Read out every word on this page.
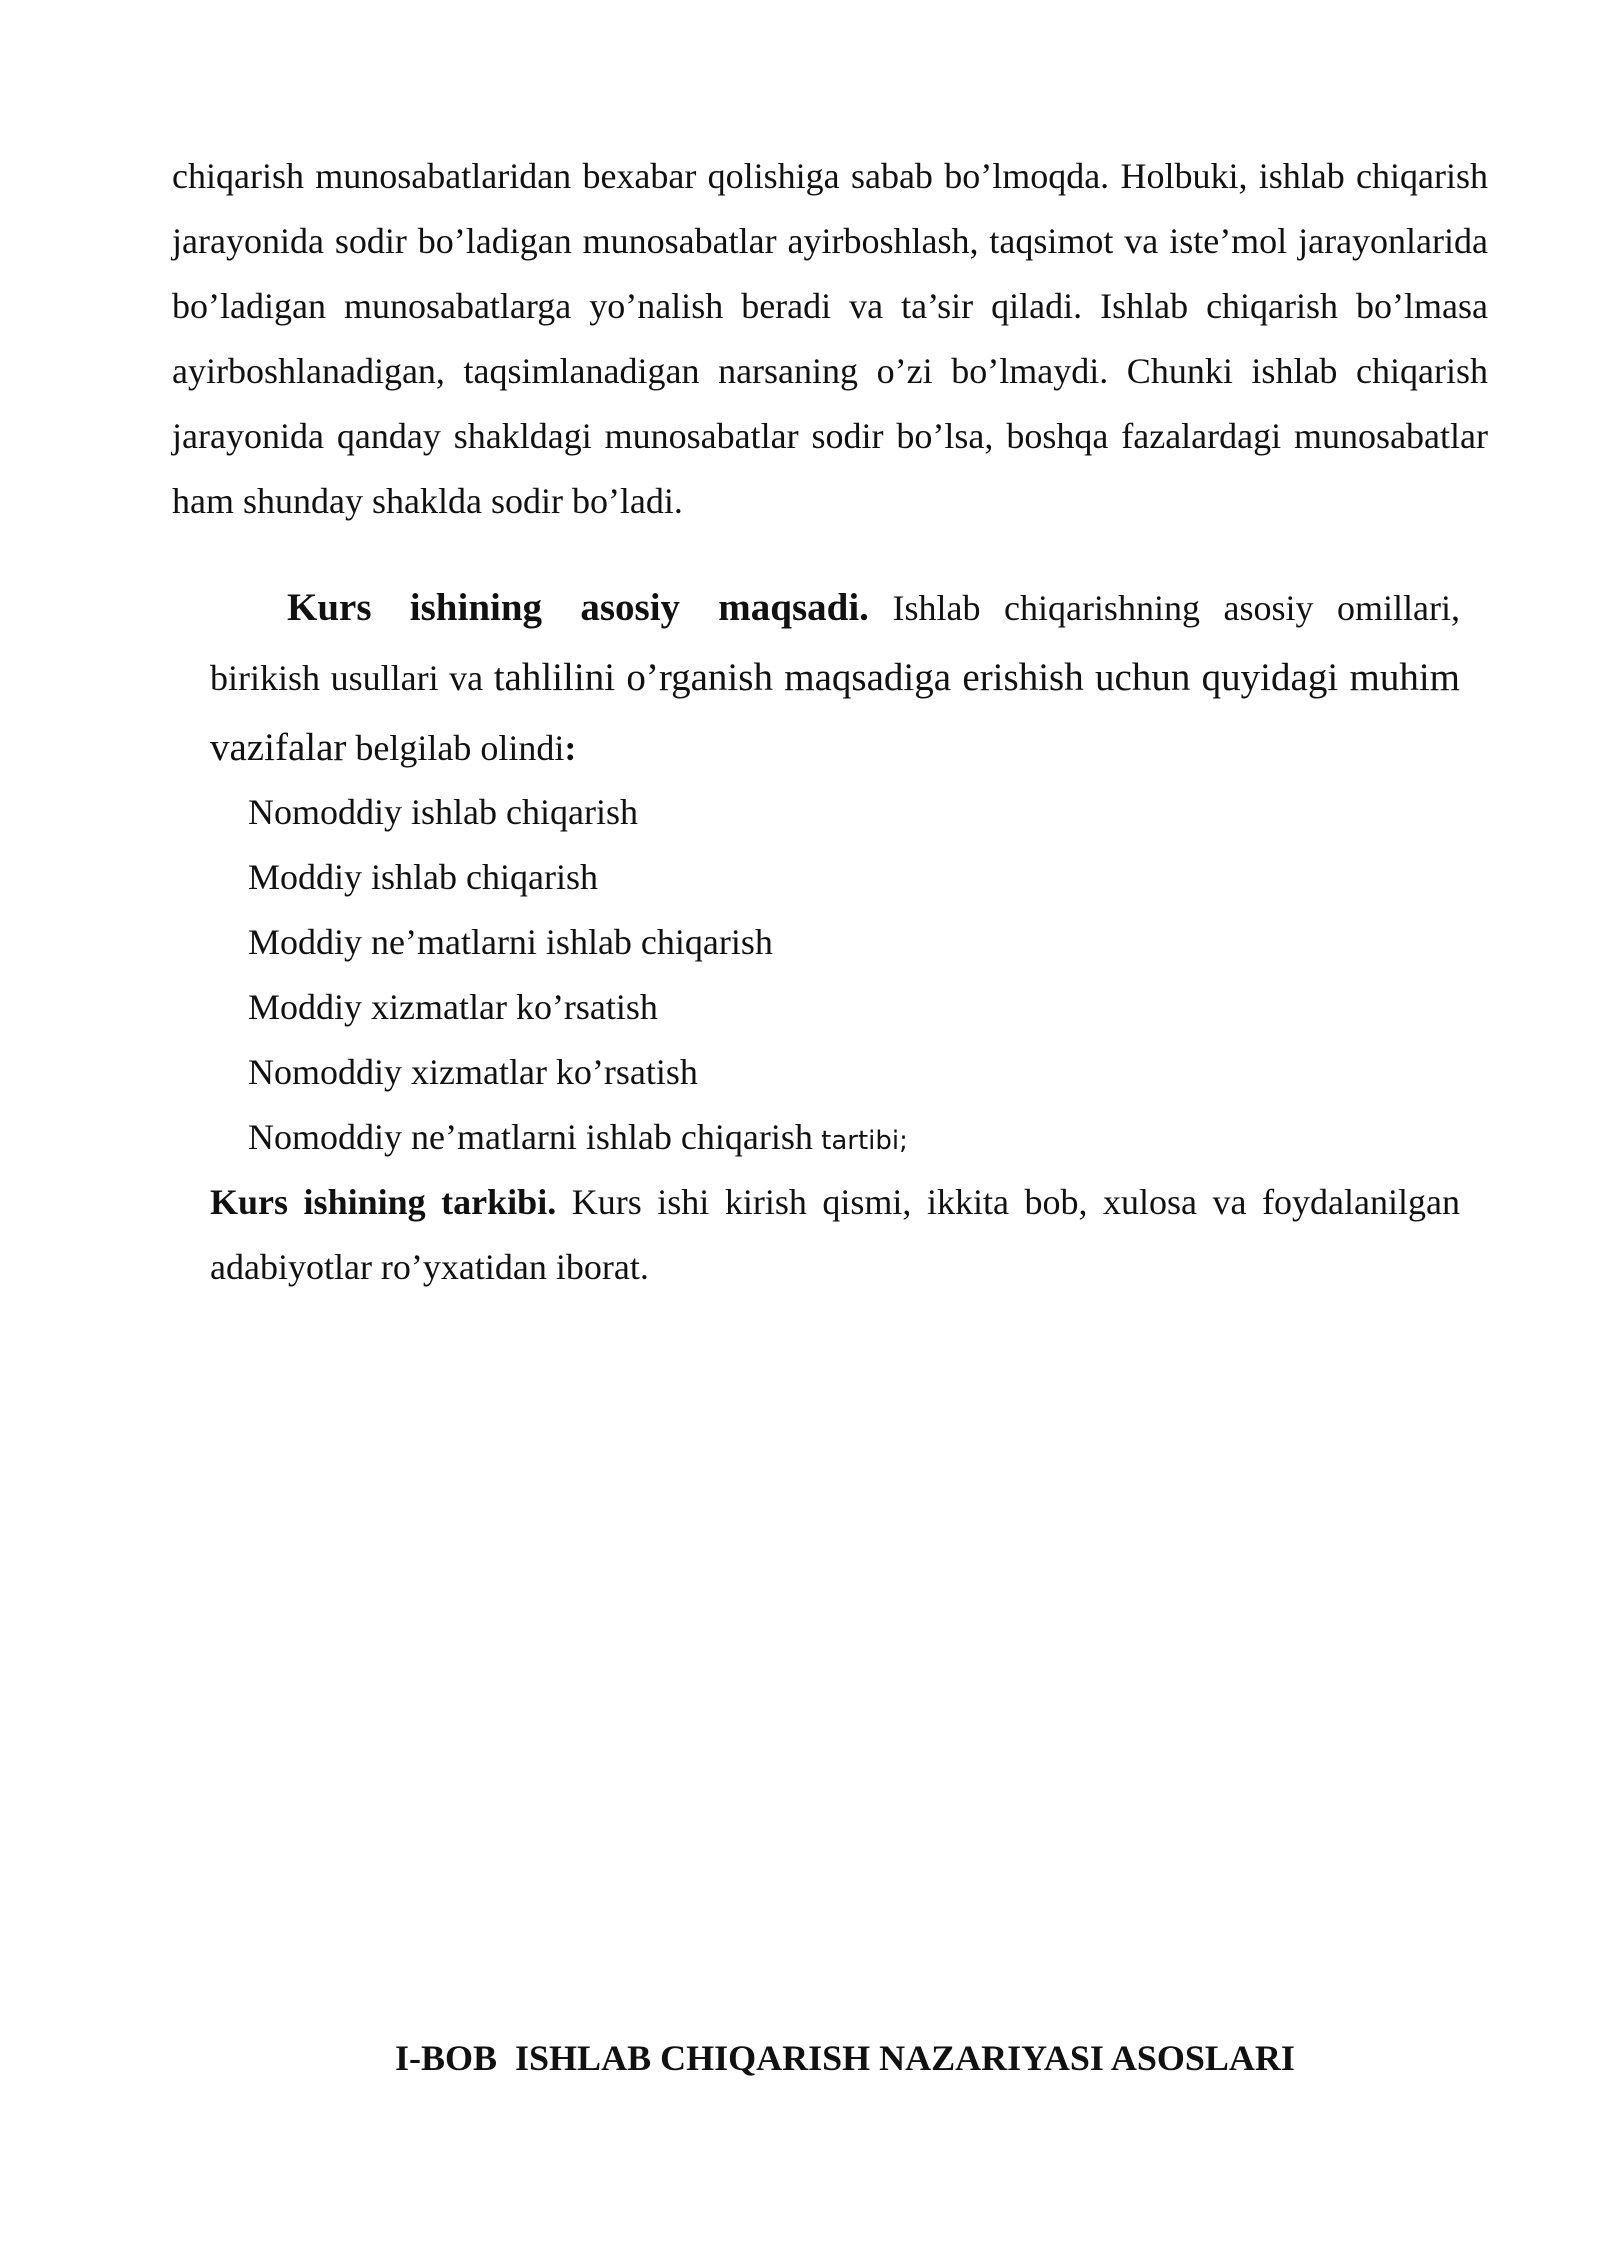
chiqarish munosabatlaridan bexabar qolishiga sabab bo’lmoqda. Holbuki, ishlab chiqarish jarayonida sodir bo’ladigan munosabatlar ayirboshlash, taqsimot va iste’mol jarayonlarida bo’ladigan munosabatlarga yo’nalish beradi va ta’sir qiladi. Ishlab chiqarish bo’lmasa ayirboshlanadigan, taqsimlanadigan narsaning o’zi bo’lmaydi. Chunki ishlab chiqarish jarayonida qanday shakldagi munosabatlar sodir bo’lsa, boshqa fazalardagi munosabatlar ham shunday shaklda sodir bo’ladi.

Kurs ishining asosiy maqsadi. Ishlab chiqarishning asosiy omillari, birikish usullari va tahlilini o’rganish maqsadiga erishish uchun quyidagi muhim vazifalar belgilab olindi:

Nomoddiy ishlab chiqarish
Moddiy ishlab chiqarish
Moddiy ne’matlarni ishlab chiqarish
Moddiy xizmatlar ko’rsatish
Nomoddiy xizmatlar ko’rsatish
Nomoddiy ne’matlarni ishlab chiqarish tartibi;

Kurs ishining tarkibi. Kurs ishi kirish qismi, ikkita bob, xulosa va foydalanilgan adabiyotlar ro’yxatidan iborat.

I-BOB  ISHLAB CHIQARISH NAZARIYASI ASOSLARI
